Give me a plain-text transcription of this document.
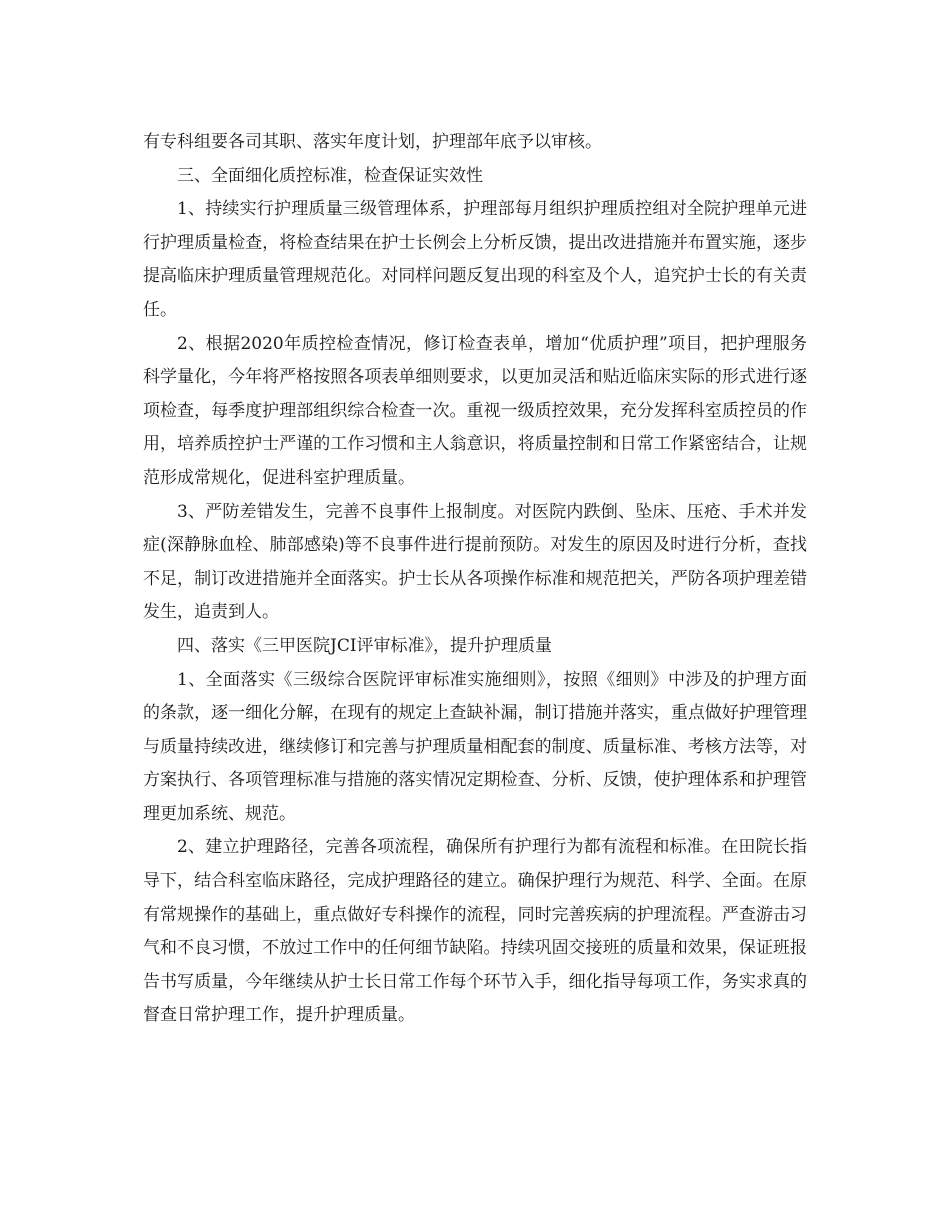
有专科组要各司其职、落实年度计划，护理部年底予以审核。

三、全面细化质控标准，检查保证实效性

1、持续实行护理质量三级管理体系，护理部每月组织护理质控组对全院护理单元进行护理质量检查，将检查结果在护士长例会上分析反馈，提出改进措施并布置实施，逐步提高临床护理质量管理规范化。对同样问题反复出现的科室及个人，追究护士长的有关责任。

2、根据2020年质控检查情况，修订检查表单，增加“优质护理”项目，把护理服务科学量化，今年将严格按照各项表单细则要求，以更加灵活和贴近临床实际的形式进行逐项检查，每季度护理部组织综合检查一次。重视一级质控效果，充分发挥科室质控员的作用，培养质控护士严谨的工作习惯和主人翁意识，将质量控制和日常工作紧密结合，让规范形成常规化，促进科室护理质量。

3、严防差错发生，完善不良事件上报制度。对医院内跌倒、坠床、压疮、手术并发症(深静脉血栓、肺部感染)等不良事件进行提前预防。对发生的原因及时进行分析，查找不足，制订改进措施并全面落实。护士长从各项操作标准和规范把关，严防各项护理差错发生，追责到人。

四、落实《三甲医院JCI评审标准》，提升护理质量

1、全面落实《三级综合医院评审标准实施细则》，按照《细则》中涉及的护理方面的条款，逐一细化分解，在现有的规定上查缺补漏，制订措施并落实，重点做好护理管理与质量持续改进，继续修订和完善与护理质量相配套的制度、质量标准、考核方法等，对方案执行、各项管理标准与措施的落实情况定期检查、分析、反馈，使护理体系和护理管理更加系统、规范。

2、建立护理路径，完善各项流程，确保所有护理行为都有流程和标准。在田院长指导下，结合科室临床路径，完成护理路径的建立。确保护理行为规范、科学、全面。在原有常规操作的基础上，重点做好专科操作的流程，同时完善疾病的护理流程。严查游击习气和不良习惯，不放过工作中的任何细节缺陷。持续巩固交接班的质量和效果，保证班报告书写质量，今年继续从护士长日常工作每个环节入手，细化指导每项工作，务实求真的督查日常护理工作，提升护理质量。
